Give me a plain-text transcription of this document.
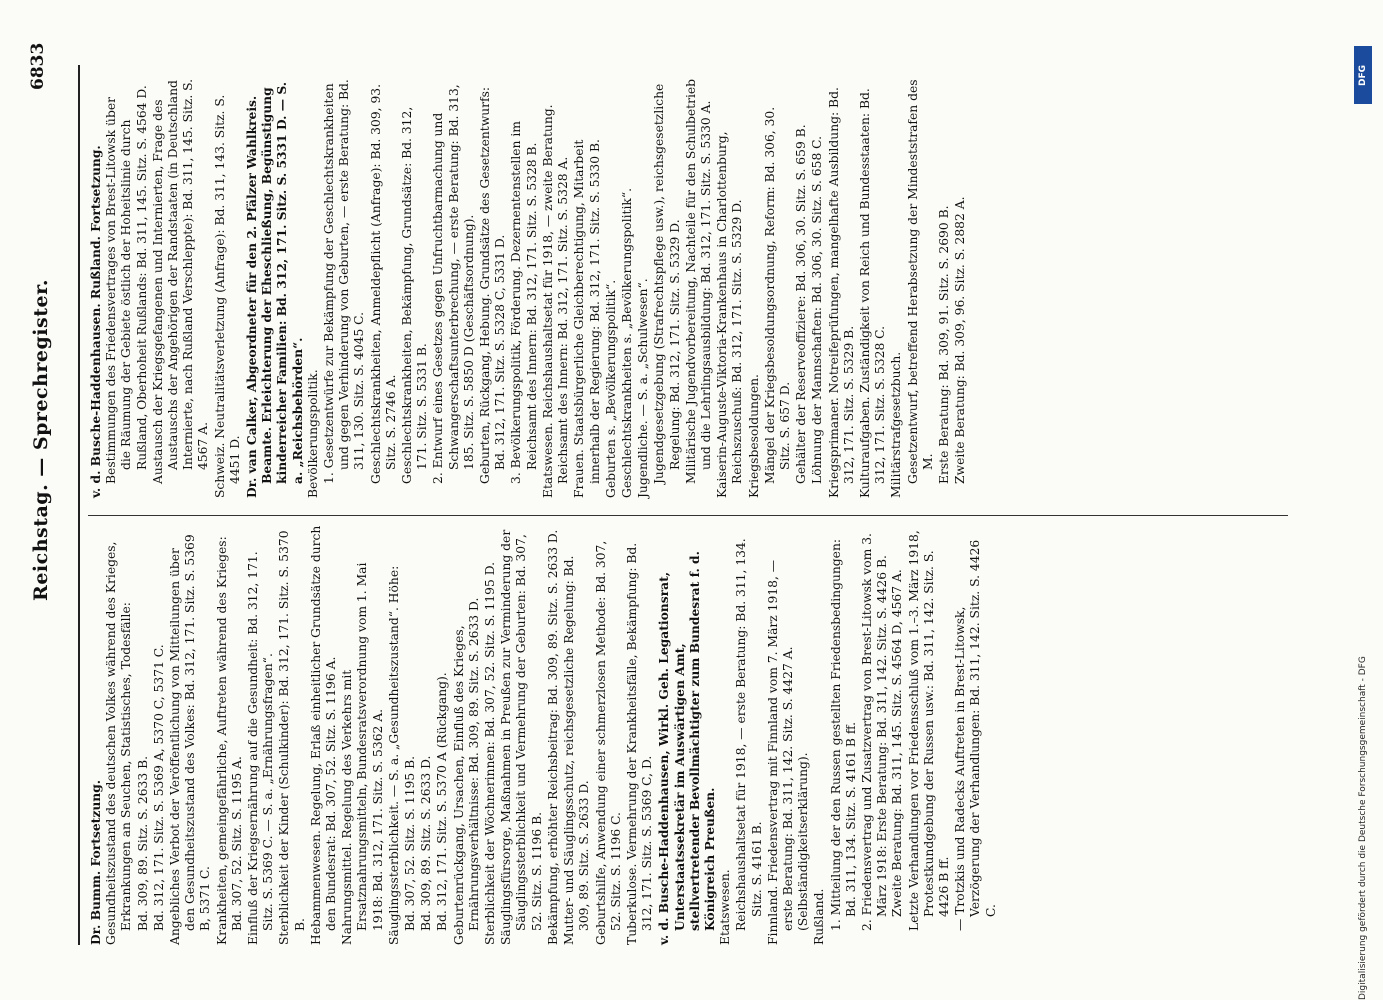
Reichstag. — Sprechregister.
6833
Dr. Bumm. Fortsetzung. Gesundheitszustand des deutschen Volkes während des Krieges, Erkrankungen an Seuchen, Statistisches, Todesfälle: Bd. 309, 89. Sitz. S. 2633 B. Bd. 312, 171. Sitz. S. 5369 A, 5370 C, 5371 C. Angebliches Verbot der Veröffentlichung von Mitteilungen über den Gesundheitszustand des Volkes: Bd. 312, 171. Sitz. S. 5369 B, 5371 C. Krankheiten, gemeingefährliche, Auftreten während des Krieges: Bd. 307, 52. Sitz. S. 1195 A. Einfluß der Kriegsernährung auf die Gesundheit: Bd. 312, 171. Sitz. S. 5369 C. — S. a. „Ernährungsfragen“. Sterblichkeit der Kinder (Schulkinder): Bd. 312, 171. Sitz. S. 5370 B. Hebammenwesen. Regelung, Erlaß einheitlicher Grundsätze durch den Bundesrat: Bd. 307, 52. Sitz. S. 1196 A. Nahrungsmittel. Regelung des Verkehrs mit Ersatznahrungsmitteln, Bundesratsverordnung vom 1. Mai 1918: Bd. 312, 171. Sitz. S. 5362 A. Säuglingssterblichkeit. — S. a. „Gesundheitszustand“. Höhe: Bd. 307, 52. Sitz. S. 1195 B. Bd. 309, 89. Sitz. S. 2633 D. Bd. 312, 171. Sitz. S. 5370 A (Rückgang). Geburtenrückgang, Ursachen, Einfluß des Krieges, Ernährungsverhältnisse: Bd. 309, 89. Sitz. S. 2633 D. Sterblichkeit der Wöchnerinnen: Bd. 307, 52. Sitz. S. 1195 D. Säuglingsfürsorge, Maßnahmen in Preußen zur Verminderung der Säuglingssterblichkeit und Vermehrung der Geburten: Bd. 307, 52. Sitz. S. 1196 B. Bekämpfung, erhöhter Reichsbeitrag: Bd. 309, 89. Sitz. S. 2633 D. Mutter- und Säuglingsschutz, reichsgesetzliche Regelung: Bd. 309, 89. Sitz. S. 2633 D. Geburtshilfe, Anwendung einer schmerzlosen Methode: Bd. 307, 52. Sitz. S. 1196 C. Tuberkulose. Vermehrung der Krankheitsfälle, Bekämpfung: Bd. 312, 171. Sitz. S. 5369 C, D. v. d. Busche-Haddenhausen, Wirkl. Geh. Legationsrat, Unterstaatssekretär im Auswärtigen Amt, stellvertretender Bevollmächtigter zum Bundesrat f. d. Königreich Preußen. Etatswesen. Reichshaushaltsetat für 1918, — erste Beratung: Bd. 311, 134. Sitz. S. 4161 B. Finnland. Friedensvertrag mit Finnland vom 7. März 1918, — erste Beratung: Bd. 311, 142. Sitz. S. 4427 A. (Selbständigkeitserklärung). Rußland. 1. Mitteilung der den Russen gestellten Friedensbedingungen: Bd. 311, 134. Sitz. S. 4161 B ff. 2. Friedensvertrag und Zusatzvertrag von Brest-Litowsk vom 3. März 1918: Erste Beratung: Bd. 311, 142. Sitz. S. 4426 B. Zweite Beratung: Bd. 311, 145. Sitz. S. 4564 D, 4567 A. Letzte Verhandlungen vor Friedensschluß vom 1.–3. März 1918, Protestkundgebung der Russen usw.: Bd. 311, 142. Sitz. S. 4426 B ff. — Trotzkis und Radecks Auftreten in Brest-Litowsk, Verzögerung der Verhandlungen: Bd. 311, 142. Sitz. S. 4426 C.
v. d. Busche-Haddenhausen. Rußland. Fortsetzung. Bestimmungen des Friedensvertrages von Brest-Litowsk über die Räumung der Gebiete östlich der Hoheitslinie durch Rußland, Oberhoheit Rußlands: Bd. 311, 145. Sitz. S. 4564 D. Austausch der Kriegsgefangenen und Internierten, Frage des Austauschs der Angehörigen der Randstaaten (in Deutschland Internierte, nach Rußland Verschleppte): Bd. 311, 145. Sitz. S. 4567 A. Schweiz. Neutralitätsverletzung (Anfrage): Bd. 311, 143. Sitz. S. 4451 D. Dr. van Calker, Abgeordneter für den 2. Pfälzer Wahlkreis. Beamte. Erleichterung der Eheschließung, Begünstigung kinderreicher Familien: Bd. 312, 171. Sitz. S. 5331 D. — S. a. „Reichsbehörden“. Bevölkerungspolitik. 1. Gesetzentwürfe zur Bekämpfung der Geschlechtskrankheiten und gegen Verhinderung von Geburten, — erste Beratung: Bd. 311, 130. Sitz. S. 4045 C. Geschlechtskrankheiten, Anmeldepflicht (Anfrage): Bd. 309, 93. Sitz. S. 2746 A. Geschlechtskrankheiten, Bekämpfung, Grundsätze: Bd. 312, 171. Sitz. S. 5331 B. 2. Entwurf eines Gesetzes gegen Unfruchtbarmachung und Schwangerschaftsunterbrechung, — erste Beratung: Bd. 313, 185. Sitz. S. 5850 D (Geschäftsordnung). Geburten, Rückgang, Hebung. Grundsätze des Gesetzentwurfs: Bd. 312, 171. Sitz. S. 5328 C, 5331 D. 3. Bevölkerungspolitik, Förderung. Dezernentenstellen im Reichsamt des Innern: Bd. 312, 171. Sitz. S. 5328 B. Etatswesen. Reichshaushaltsetat für 1918, — zweite Beratung. Reichsamt des Innern: Bd. 312, 171. Sitz. S. 5328 A. Frauen. Staatsbürgerliche Gleichberechtigung, Mitarbeit innerhalb der Regierung: Bd. 312, 171. Sitz. S. 5330 B. Geburten s. „Bevölkerungspolitik“. Geschlechtskrankheiten s. „Bevölkerungspolitik“. Jugendliche. — S. a. „Schulwesen“. Jugendgesetzgebung (Strafrechtspflege usw.), reichsgesetzliche Regelung: Bd. 312, 171. Sitz. S. 5329 D. Militärische Jugendvorbereitung, Nachteile für den Schulbetrieb und die Lehrlingsausbildung: Bd. 312, 171. Sitz. S. 5330 A. Kaiserin-Auguste-Viktoria-Krankenhaus in Charlottenburg, Reichszuschuß: Bd. 312, 171. Sitz. S. 5329 D. Kriegsbesoldungen. Mängel der Kriegsbesoldungsordnung, Reform: Bd. 306, 30. Sitz. S. 657 D. Gehälter der Reserveoffiziere: Bd. 306, 30. Sitz. S. 659 B. Löhnung der Mannschaften: Bd. 306, 30. Sitz. S. 658 C. Kriegsprimaner. Notreifeprüfungen, mangelhafte Ausbildung: Bd. 312, 171. Sitz. S. 5329 B. Kulturaufgaben. Zuständigkeit von Reich und Bundesstaaten: Bd. 312, 171. Sitz. S. 5328 C. Militärstrafgesetzbuch. Gesetzentwurf, betreffend Herabsetzung der Mindeststrafen des M. Erste Beratung: Bd. 309, 91. Sitz. S. 2690 B. Zweite Beratung: Bd. 309, 96. Sitz. S. 2882 A.
DFG
Digitalisierung gefördert durch die Deutsche Forschungsgemeinschaft - DFG
